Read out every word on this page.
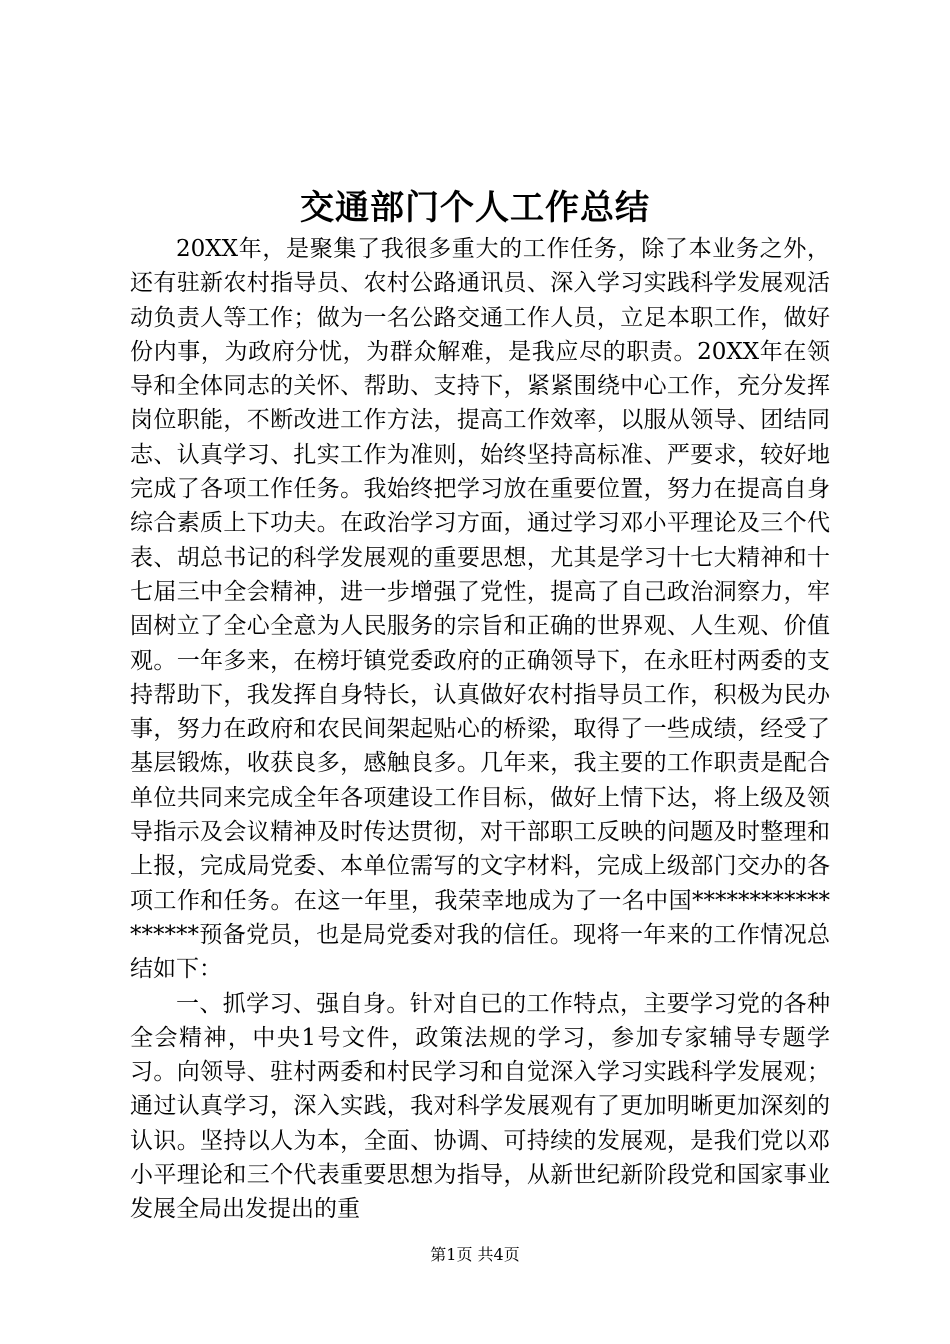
交通部门个人工作总结

20XX年，是聚集了我很多重大的工作任务，除了本业务之外，还有驻新农村指导员、农村公路通讯员、深入学习实践科学发展观活动负责人等工作；做为一名公路交通工作人员，立足本职工作，做好份内事，为政府分忧，为群众解难，是我应尽的职责。20XX年在领导和全体同志的关怀、帮助、支持下，紧紧围绕中心工作，充分发挥岗位职能，不断改进工作方法，提高工作效率，以服从领导、团结同志、认真学习、扎实工作为准则，始终坚持高标准、严要求，较好地完成了各项工作任务。我始终把学习放在重要位置，努力在提高自身综合素质上下功夫。在政治学习方面，通过学习邓小平理论及三个代表、胡总书记的科学发展观的重要思想，尤其是学习十七大精神和十七届三中全会精神，进一步增强了党性，提高了自己政治洞察力，牢固树立了全心全意为人民服务的宗旨和正确的世界观、人生观、价值观。一年多来，在榜圩镇党委政府的正确领导下，在永旺村两委的支持帮助下，我发挥自身特长，认真做好农村指导员工作，积极为民办事，努力在政府和农民间架起贴心的桥梁，取得了一些成绩，经受了基层锻炼，收获良多，感触良多。几年来，我主要的工作职责是配合单位共同来完成全年各项建设工作目标，做好上情下达，将上级及领导指示及会议精神及时传达贯彻，对干部职工反映的问题及时整理和上报，完成局党委、本单位需写的文字材料，完成上级部门交办的各项工作和任务。在这一年里，我荣幸地成为了一名中国******************预备党员，也是局党委对我的信任。现将一年来的工作情况总结如下：

一、抓学习、强自身。针对自已的工作特点，主要学习党的各种全会精神，中央1号文件，政策法规的学习，参加专家辅导专题学习。向领导、驻村两委和村民学习和自觉深入学习实践科学发展观；通过认真学习，深入实践，我对科学发展观有了更加明晰更加深刻的认识。坚持以人为本，全面、协调、可持续的发展观，是我们党以邓小平理论和三个代表重要思想为指导，从新世纪新阶段党和国家事业发展全局出发提出的重

第1页 共4页
